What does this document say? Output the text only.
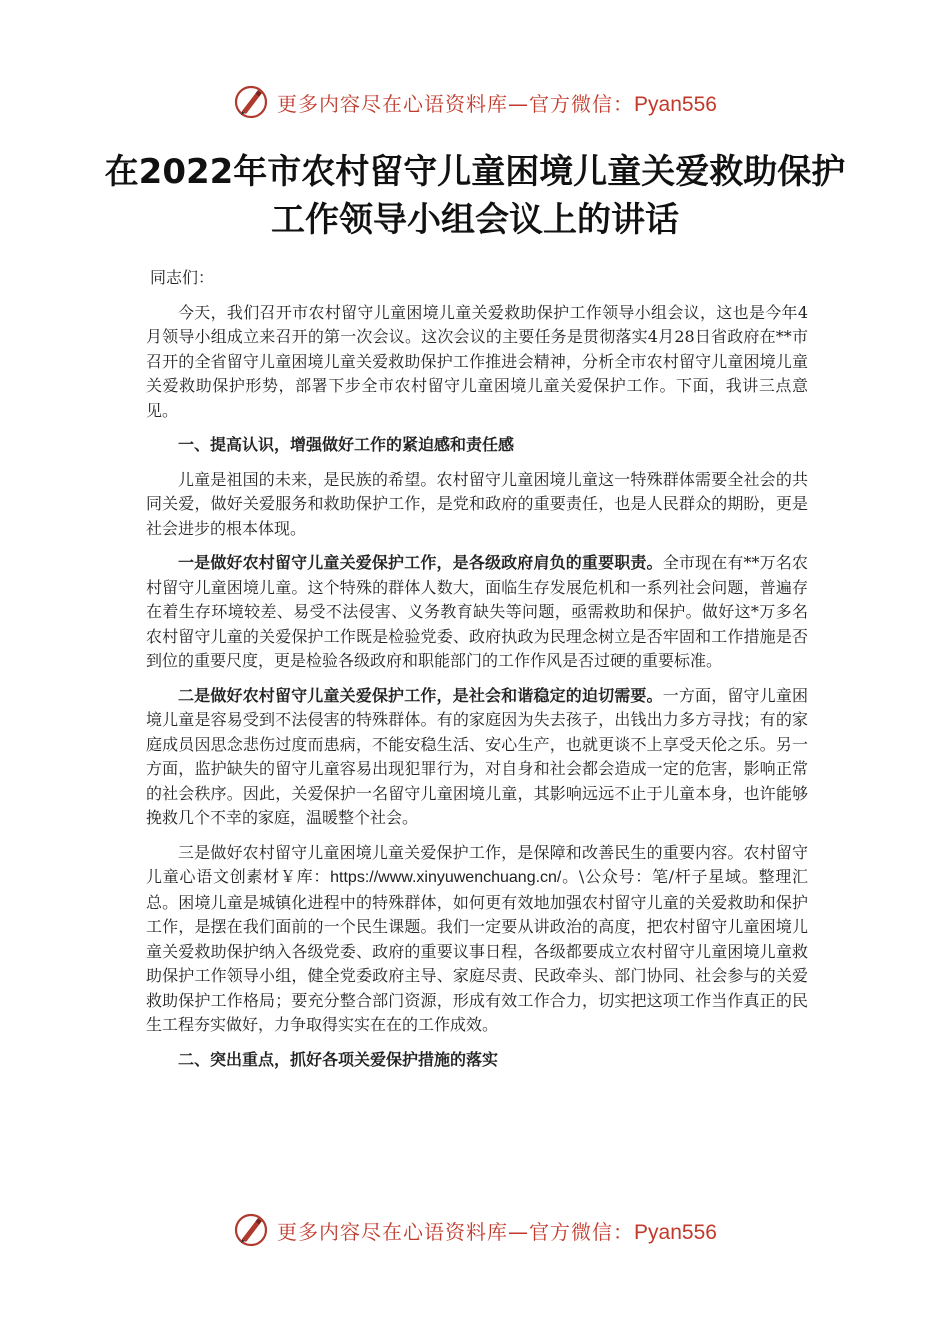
更多内容尽在心语资料库—官方微信：Pyan556
在2022年市农村留守儿童困境儿童关爱救助保护工作领导小组会议上的讲话

同志们：

今天，我们召开市农村留守儿童困境儿童关爱救助保护工作领导小组会议，这也是今年4月领导小组成立来召开的第一次会议。这次会议的主要任务是贯彻落实4月28日省政府在**市召开的全省留守儿童困境儿童关爱救助保护工作推进会精神，分析全市农村留守儿童困境儿童关爱救助保护形势，部署下步全市农村留守儿童困境儿童关爱保护工作。下面，我讲三点意见。

一、提高认识，增强做好工作的紧迫感和责任感

儿童是祖国的未来，是民族的希望。农村留守儿童困境儿童这一特殊群体需要全社会的共同关爱，做好关爱服务和救助保护工作，是党和政府的重要责任，也是人民群众的期盼，更是社会进步的根本体现。

一是做好农村留守儿童关爱保护工作，是各级政府肩负的重要职责。全市现在有**万名农村留守儿童困境儿童。这个特殊的群体人数大，面临生存发展危机和一系列社会问题，普遍存在着生存环境较差、易受不法侵害、义务教育缺失等问题，亟需救助和保护。做好这*万多名农村留守儿童的关爱保护工作既是检验党委、政府执政为民理念树立是否牢固和工作措施是否到位的重要尺度，更是检验各级政府和职能部门的工作作风是否过硬的重要标准。

二是做好农村留守儿童关爱保护工作，是社会和谐稳定的迫切需要。一方面，留守儿童困境儿童是容易受到不法侵害的特殊群体。有的家庭因为失去孩子，出钱出力多方寻找；有的家庭成员因思念悲伤过度而患病，不能安稳生活、安心生产，也就更谈不上享受天伦之乐。另一方面，监护缺失的留守儿童容易出现犯罪行为，对自身和社会都会造成一定的危害，影响正常的社会秩序。因此，关爱保护一名留守儿童困境儿童，其影响远远不止于儿童本身，也许能够挽救几个不幸的家庭，温暖整个社会。

三是做好农村留守儿童困境儿童关爱保护工作，是保障和改善民生的重要内容。农村留守儿童心语文创素材￥库：https://www.xinyuwenchuang.cn/。\公众号：笔/杆子星域。整理汇总。困境儿童是城镇化进程中的特殊群体，如何更有效地加强农村留守儿童的关爱救助和保护工作，是摆在我们面前的一个民生课题。我们一定要从讲政治的高度，把农村留守儿童困境儿童关爱救助保护纳入各级党委、政府的重要议事日程，各级都要成立农村留守儿童困境儿童救助保护工作领导小组，健全党委政府主导、家庭尽责、民政牵头、部门协同、社会参与的关爱救助保护工作格局；要充分整合部门资源，形成有效工作合力，切实把这项工作当作真正的民生工程夯实做好，力争取得实实在在的工作成效。

二、突出重点，抓好各项关爱保护措施的落实

更多内容尽在心语资料库—官方微信：Pyan556
